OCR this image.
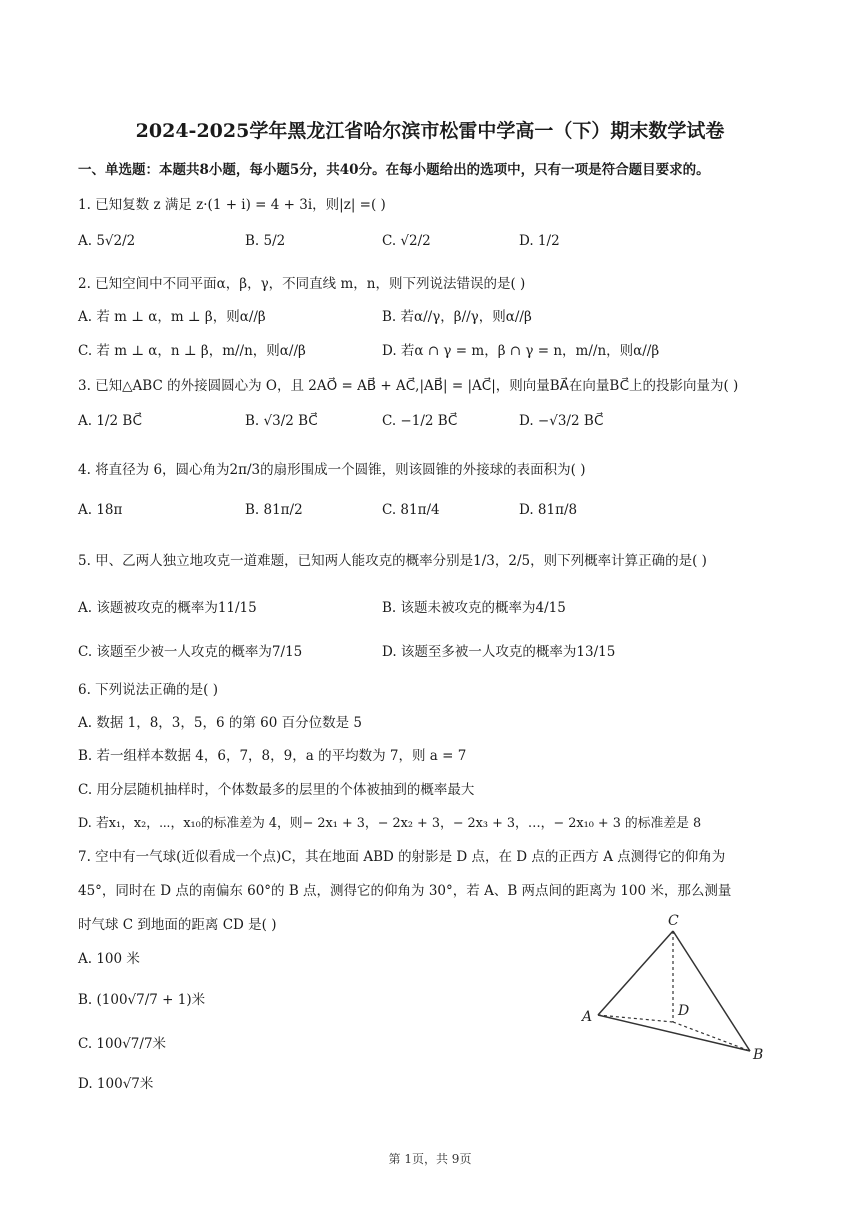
2024-2025学年黑龙江省哈尔滨市松雷中学高一（下）期末数学试卷
一、单选题：本题共8小题，每小题5分，共40分。在每小题给出的选项中，只有一项是符合题目要求的。
1. 已知复数 z 满足 z·(1 + i) = 4 + 3i，则|z| =( )
A. 5√2/2	B. 5/2	C. √2/2	D. 1/2
2. 已知空间中不同平面α，β，γ，不同直线 m，n，则下列说法错误的是( )
A. 若 m ⊥ α，m ⊥ β，则α//β	B. 若α//γ，β//γ，则α//β
C. 若 m ⊥ α，n ⊥ β，m//n，则α//β	D. 若α ∩ γ = m，β ∩ γ = n，m//n，则α//β
3. 已知△ABC 的外接圆圆心为 O，且 2AO⃗ = AB⃗ + AC⃗,|AB⃗| = |AC⃗|，则向量BA⃗在向量BC⃗上的投影向量为( )
A. 1/2 BC⃗	B. √3/2 BC⃗	C. −1/2 BC⃗	D. −√3/2 BC⃗
4. 将直径为 6，圆心角为2π/3的扇形围成一个圆锥，则该圆锥的外接球的表面积为( )
A. 18π	B. 81π/2	C. 81π/4	D. 81π/8
5. 甲、乙两人独立地攻克一道难题，已知两人能攻克的概率分别是1/3，2/5，则下列概率计算正确的是( )
A. 该题被攻克的概率为11/15	B. 该题未被攻克的概率为4/15
C. 该题至少被一人攻克的概率为7/15	D. 该题至多被一人攻克的概率为13/15
6. 下列说法正确的是( )
A. 数据 1，8，3，5，6 的第 60 百分位数是 5
B. 若一组样本数据 4，6，7，8，9，a 的平均数为 7，则 a = 7
C. 用分层随机抽样时，个体数最多的层里的个体被抽到的概率最大
D. 若x₁，x₂，⋯，x₁₀的标准差为 4，则− 2x₁ + 3，− 2x₂ + 3，− 2x₃ + 3，…，− 2x₁₀ + 3 的标准差是 8
7. 空中有一气球(近似看成一个点)C，其在地面 ABD 的射影是 D 点，在 D 点的正西方 A 点测得它的仰角为
45°，同时在 D 点的南偏东 60°的 B 点，测得它的仰角为 30°，若 A、B 两点间的距离为 100 米，那么测量
时气球 C 到地面的距离 CD 是( )
A. 100 米
B. (100√7/7 + 1)米
C. 100√7/7米
D. 100√7米
C
A	D
B
第 1页，共 9页
